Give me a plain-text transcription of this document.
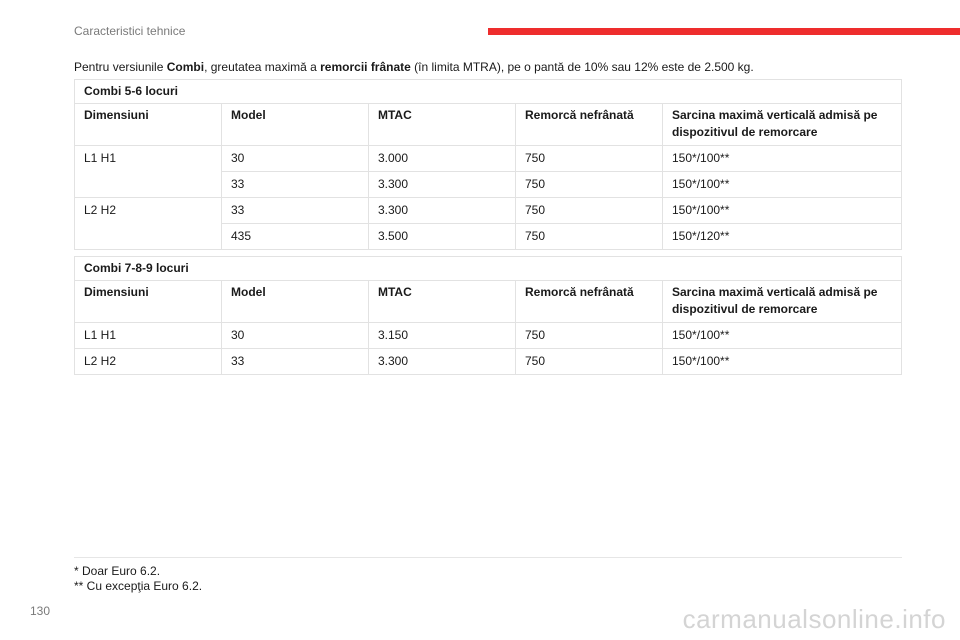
Caracteristici tehnice
Pentru versiunile Combi, greutatea maximă a remorcii frânate (în limita MTRA), pe o pantă de 10% sau 12% este de 2.500 kg.
Combi 5-6 locuri				
Dimensiuni	Model	MTAC	Remorcă nefrânată	Sarcina maximă verticală admisă pe dispozitivul de remorcare
L1 H1	30	3.000	750	150*/100**
	33	3.300	750	150*/100**
L2 H2	33	3.300	750	150*/100**
	435	3.500	750	150*/120**
Combi 7-8-9 locuri				
Dimensiuni	Model	MTAC	Remorcă nefrânată	Sarcina maximă verticală admisă pe dispozitivul de remorcare
L1 H1	30	3.150	750	150*/100**
L2 H2	33	3.300	750	150*/100**
* Doar Euro 6.2.
** Cu excepţia Euro 6.2.
130	carmanualsonline.info
